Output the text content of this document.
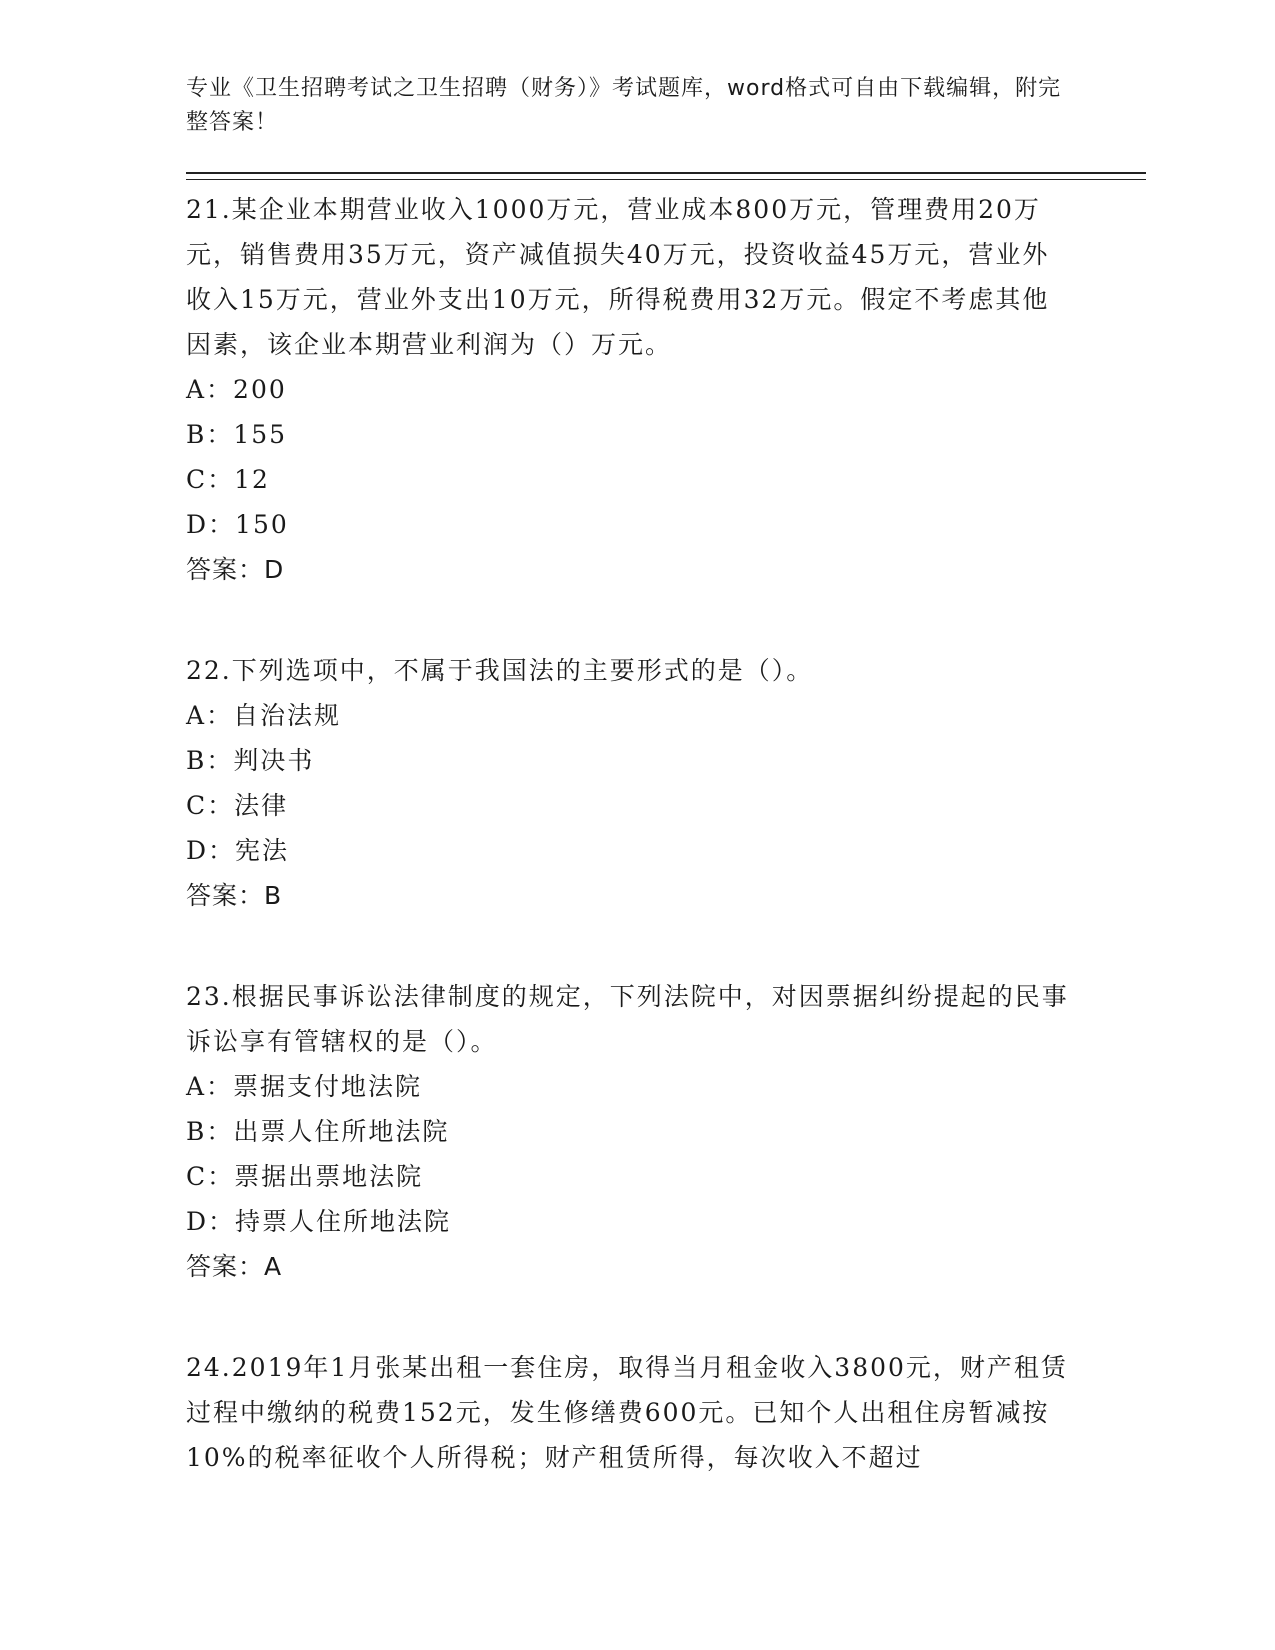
专业《卫生招聘考试之卫生招聘（财务）》考试题库，word格式可自由下载编辑，附完整答案！

21.某企业本期营业收入1000万元，营业成本800万元，管理费用20万元，销售费用35万元，资产减值损失40万元，投资收益45万元，营业外收入15万元，营业外支出10万元，所得税费用32万元。假定不考虑其他因素，该企业本期营业利润为（）万元。

A：200

B：155

C：12

D：150

答案：D

22.下列选项中，不属于我国法的主要形式的是（）。

A：自治法规

B：判决书

C：法律

D：宪法

答案：B

23.根据民事诉讼法律制度的规定，下列法院中，对因票据纠纷提起的民事诉讼享有管辖权的是（）。

A：票据支付地法院

B：出票人住所地法院

C：票据出票地法院

D：持票人住所地法院

答案：A

24.2019年1月张某出租一套住房，取得当月租金收入3800元，财产租赁过程中缴纳的税费152元，发生修缮费600元。已知个人出租住房暂减按10%的税率征收个人所得税；财产租赁所得，每次收入不超过
